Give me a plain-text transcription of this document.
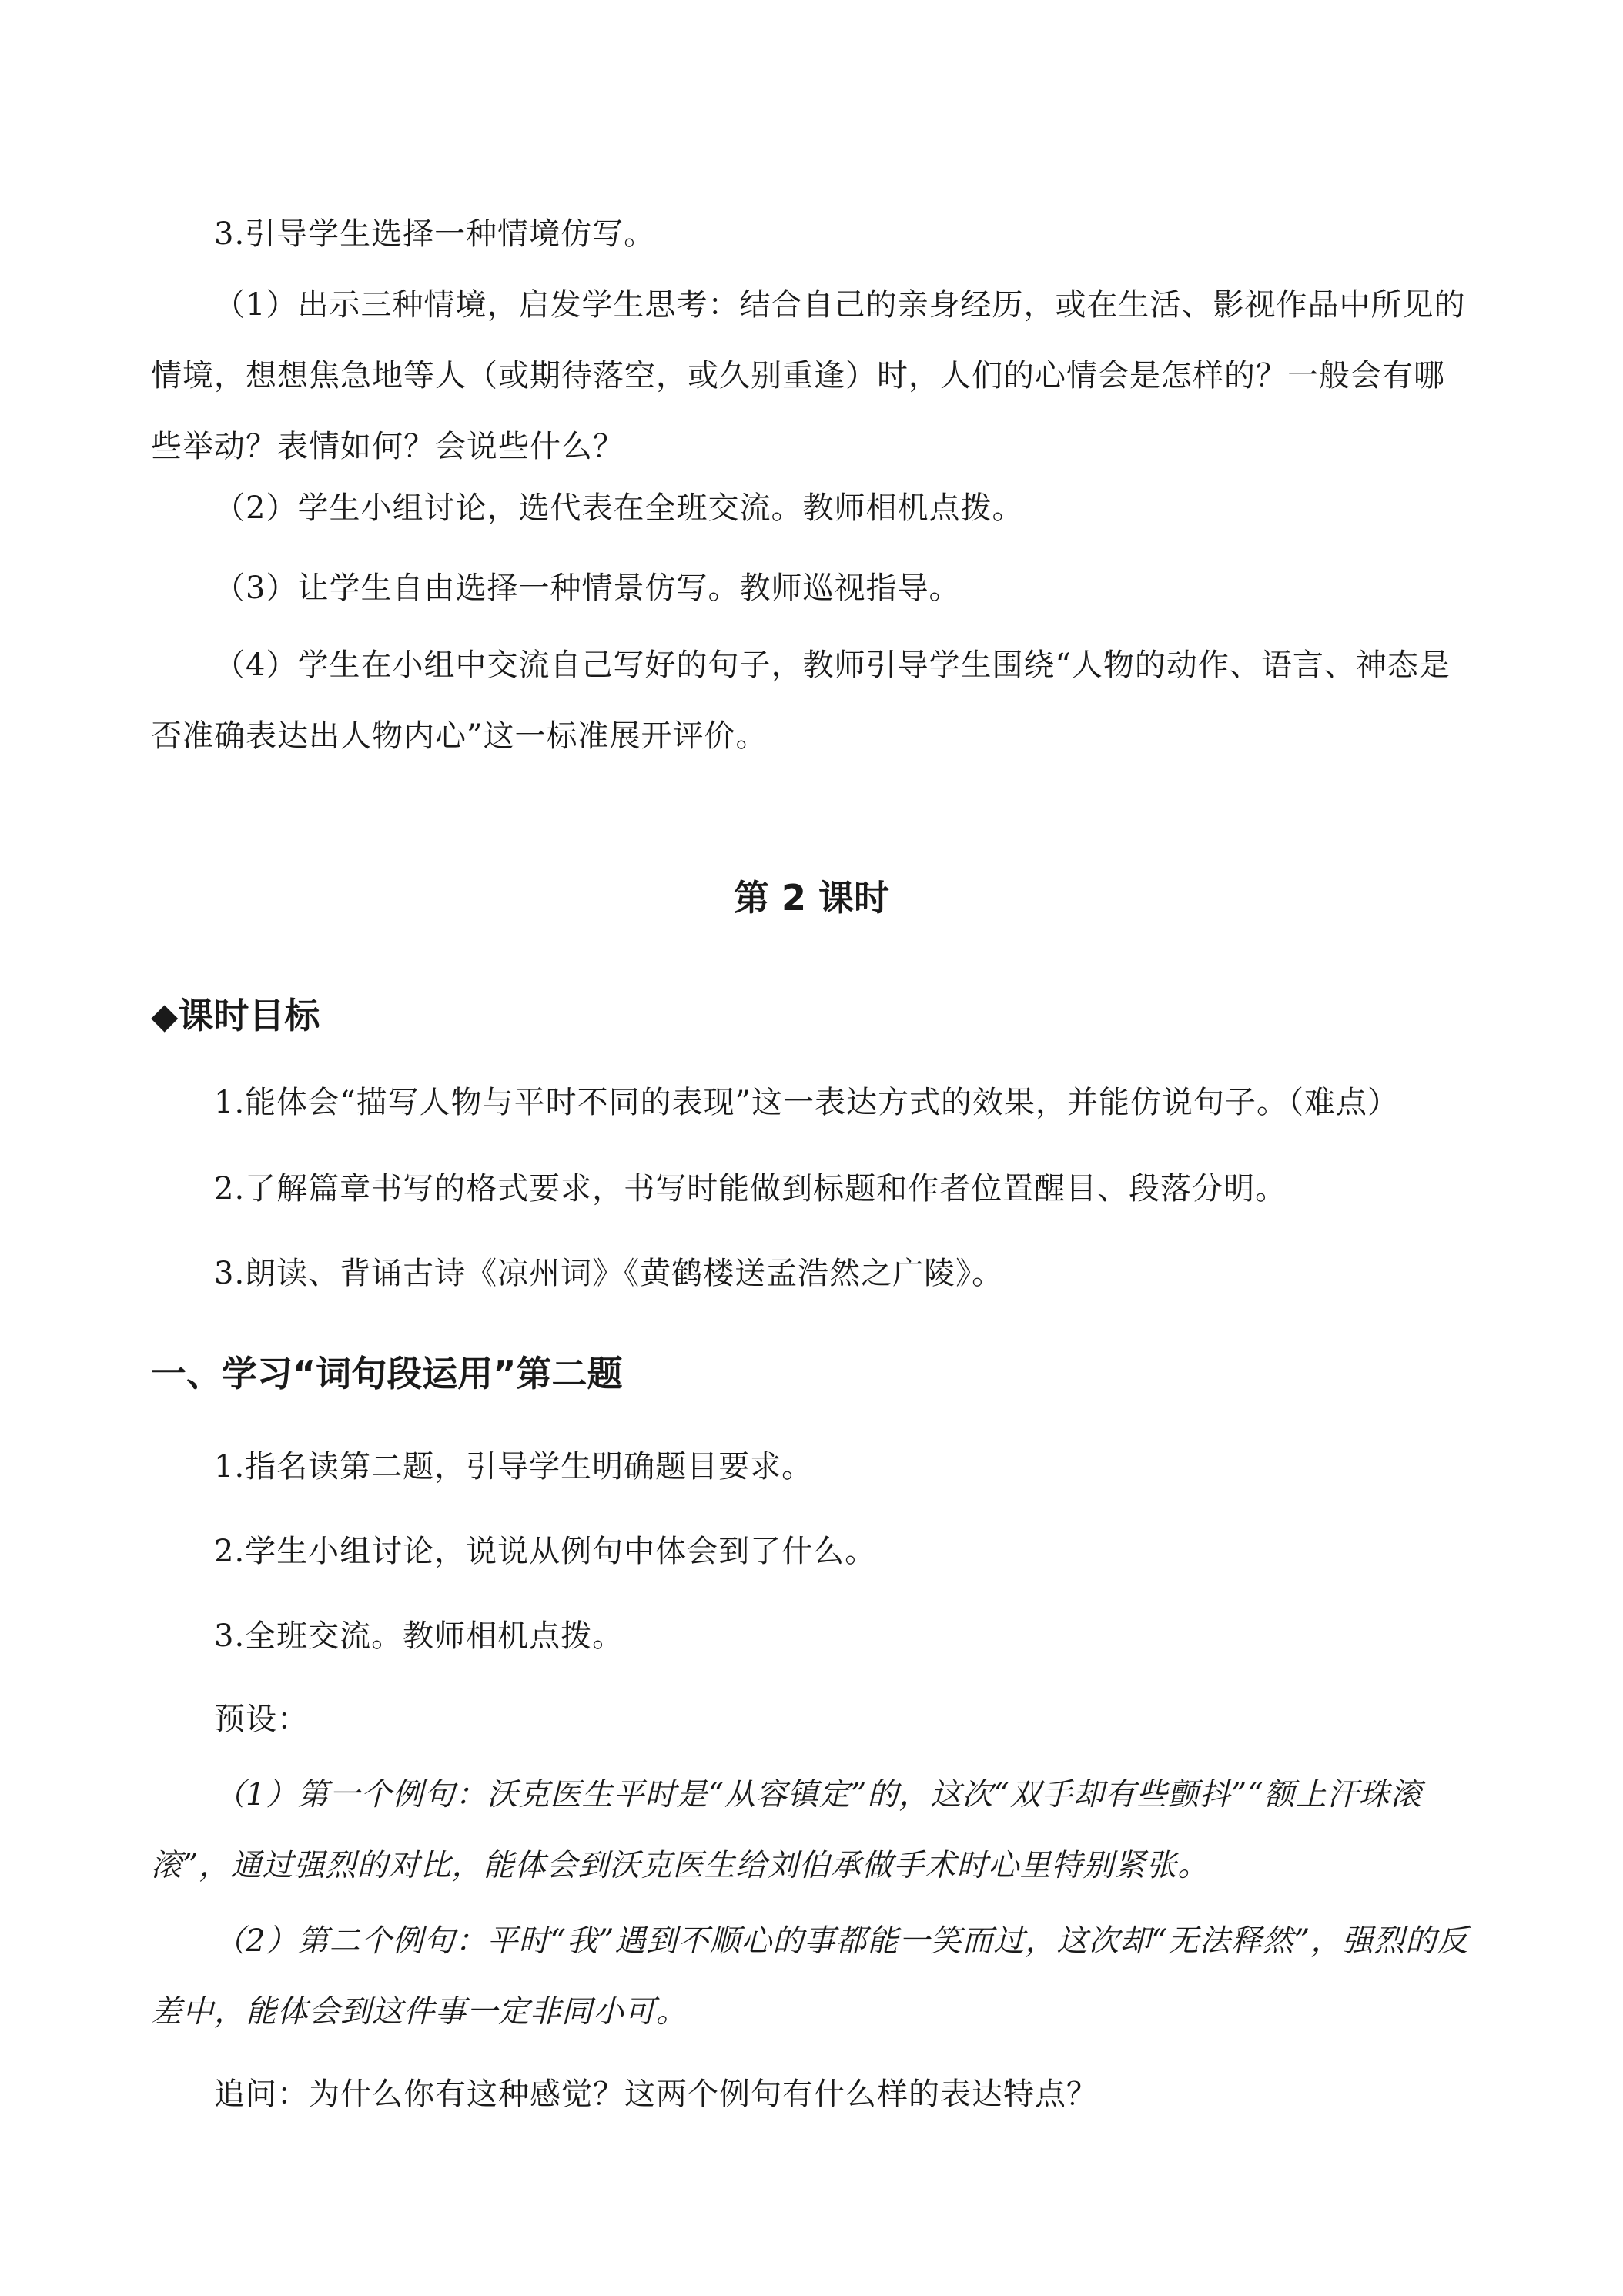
3.引导学生选择一种情境仿写。

（1）出示三种情境，启发学生思考：结合自己的亲身经历，或在生活、影视作品中所见的情境，想想焦急地等人（或期待落空，或久别重逢）时，人们的心情会是怎样的？一般会有哪些举动？表情如何？会说些什么？

（2）学生小组讨论，选代表在全班交流。教师相机点拨。

（3）让学生自由选择一种情景仿写。教师巡视指导。

（4）学生在小组中交流自己写好的句子，教师引导学生围绕“人物的动作、语言、神态是否准确表达出人物内心”这一标准展开评价。

第 2 课时
◆课时目标

1.能体会“描写人物与平时不同的表现”这一表达方式的效果，并能仿说句子。（难点）

2.了解篇章书写的格式要求，书写时能做到标题和作者位置醒目、段落分明。

3.朗读、背诵古诗《凉州词》《黄鹤楼送孟浩然之广陵》。

一、学习“词句段运用”第二题

1.指名读第二题，引导学生明确题目要求。

2.学生小组讨论，说说从例句中体会到了什么。

3.全班交流。教师相机点拨。

预设：

（1）第一个例句：沃克医生平时是“从容镇定”的，这次“双手却有些颤抖”“额上汗珠滚滚”，通过强烈的对比，能体会到沃克医生给刘伯承做手术时心里特别紧张。

（2）第二个例句：平时“我”遇到不顺心的事都能一笑而过，这次却“无法释然”，强烈的反差中，能体会到这件事一定非同小可。

追问：为什么你有这种感觉？这两个例句有什么样的表达特点？
